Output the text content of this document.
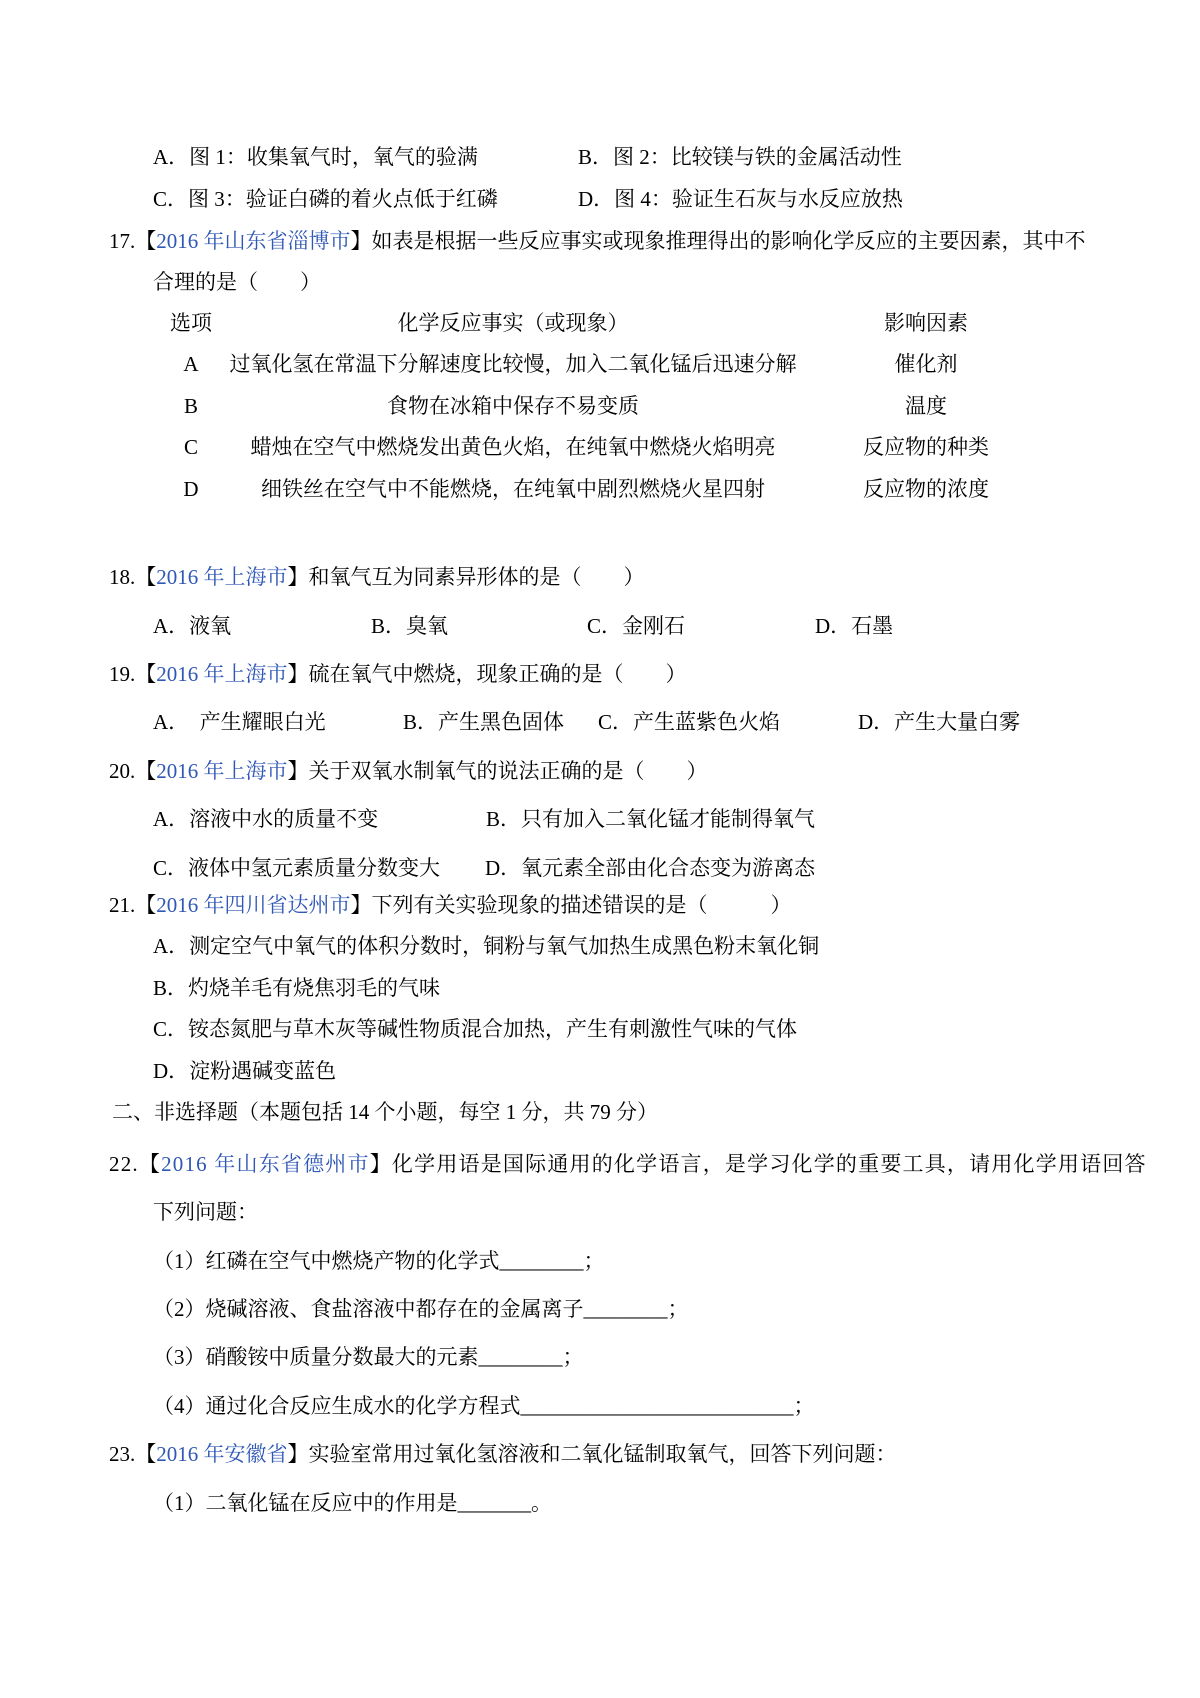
A．图 1：收集氧气时，氧气的验满	B．图 2：比较镁与铁的金属活动性
C．图 3：验证白磷的着火点低于红磷	D．图 4：验证生石灰与水反应放热
17.【2016 年山东省淄博市】如表是根据一些反应事实或现象推理得出的影响化学反应的主要因素，其中不
合理的是（　　）
选项	化学反应事实（或现象）	影响因素
A	过氧化氢在常温下分解速度比较慢，加入二氧化锰后迅速分解	催化剂
B	食物在冰箱中保存不易变质	温度
C	蜡烛在空气中燃烧发出黄色火焰，在纯氧中燃烧火焰明亮	反应物的种类
D	细铁丝在空气中不能燃烧，在纯氧中剧烈燃烧火星四射	反应物的浓度
18.【2016 年上海市】和氧气互为同素异形体的是（　　）
A．液氧	B．臭氧	C．金刚石	D．石墨
19.【2016 年上海市】硫在氧气中燃烧，现象正确的是（　　）
A．　产生耀眼白光	B．产生黑色固体 C．产生蓝紫色火焰	D．产生大量白雾
20.【2016 年上海市】关于双氧水制氧气的说法正确的是（　　）
A．溶液中水的质量不变	B．只有加入二氧化锰才能制得氧气
C．液体中氢元素质量分数变大 D．氧元素全部由化合态变为游离态
21.【2016 年四川省达州市】下列有关实验现象的描述错误的是（　　　）
A．测定空气中氧气的体积分数时，铜粉与氧气加热生成黑色粉末氧化铜
B．灼烧羊毛有烧焦羽毛的气味
C．铵态氮肥与草木灰等碱性物质混合加热，产生有刺激性气味的气体
D．淀粉遇碱变蓝色
二、非选择题（本题包括 14 个小题，每空 1 分，共 79 分）
22.【2016 年山东省德州市】化学用语是国际通用的化学语言，是学习化学的重要工具，请用化学用语回答
下列问题：
（1）红磷在空气中燃烧产物的化学式________；
（2）烧碱溶液、食盐溶液中都存在的金属离子________；
（3）硝酸铵中质量分数最大的元素________；
（4）通过化合反应生成水的化学方程式__________________________；
23.【2016 年安徽省】实验室常用过氧化氢溶液和二氧化锰制取氧气，回答下列问题：
（1）二氧化锰在反应中的作用是_______。
